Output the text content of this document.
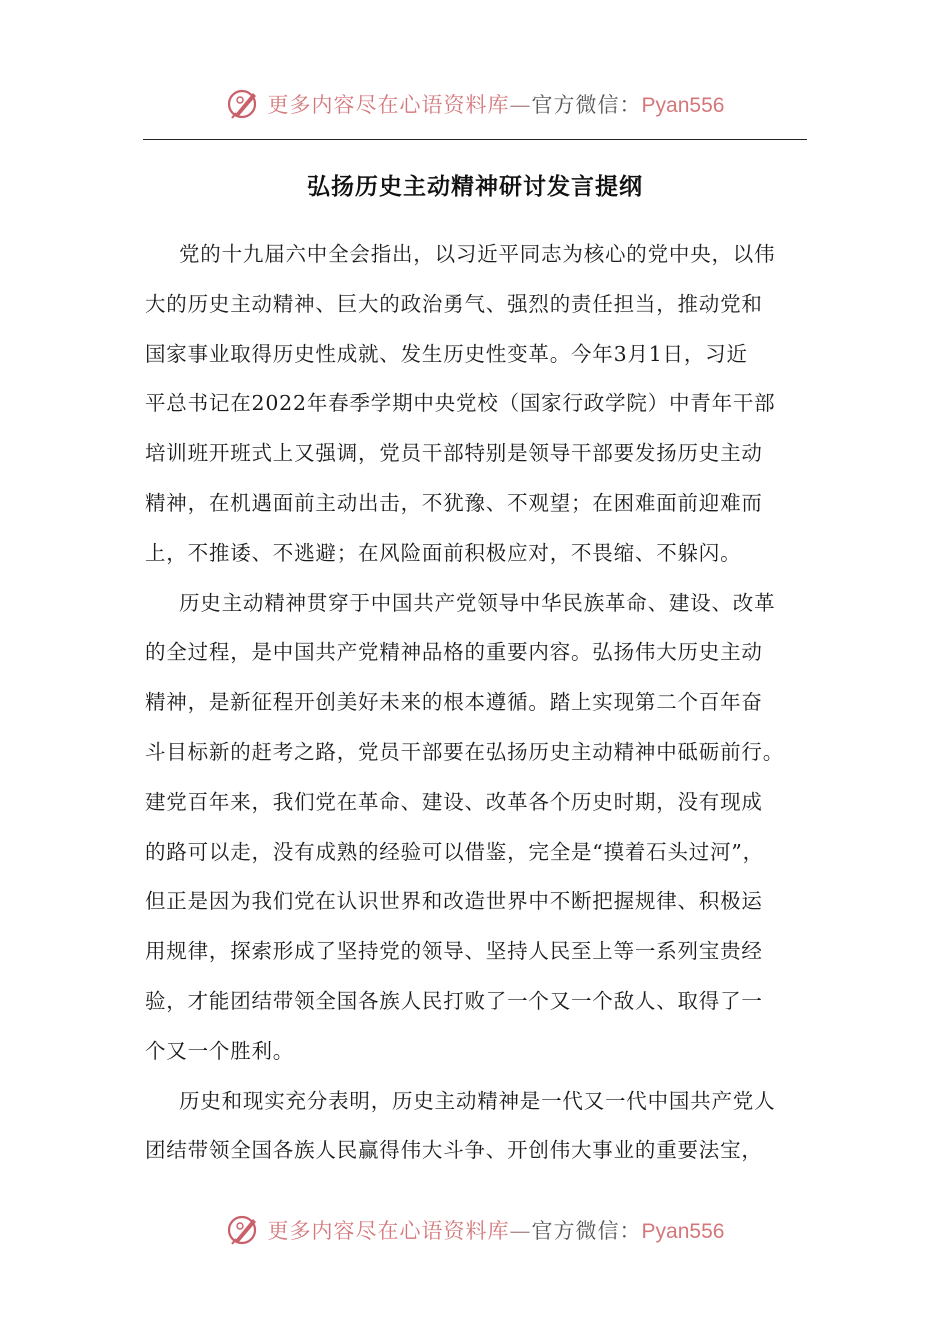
更多内容尽在心语资料库—官方微信：Pyan556
弘扬历史主动精神研讨发言提纲
党的十九届六中全会指出，以习近平同志为核心的党中央，以伟
大的历史主动精神、巨大的政治勇气、强烈的责任担当，推动党和
国家事业取得历史性成就、发生历史性变革。今年3月1日，习近
平总书记在2022年春季学期中央党校（国家行政学院）中青年干部
培训班开班式上又强调，党员干部特别是领导干部要发扬历史主动
精神，在机遇面前主动出击，不犹豫、不观望；在困难面前迎难而
上，不推诿、不逃避；在风险面前积极应对，不畏缩、不躲闪。
历史主动精神贯穿于中国共产党领导中华民族革命、建设、改革
的全过程，是中国共产党精神品格的重要内容。弘扬伟大历史主动
精神，是新征程开创美好未来的根本遵循。踏上实现第二个百年奋
斗目标新的赶考之路，党员干部要在弘扬历史主动精神中砥砺前行。
建党百年来，我们党在革命、建设、改革各个历史时期，没有现成
的路可以走，没有成熟的经验可以借鉴，完全是“摸着石头过河”，
但正是因为我们党在认识世界和改造世界中不断把握规律、积极运
用规律，探索形成了坚持党的领导、坚持人民至上等一系列宝贵经
验，才能团结带领全国各族人民打败了一个又一个敌人、取得了一
个又一个胜利。
历史和现实充分表明，历史主动精神是一代又一代中国共产党人
团结带领全国各族人民赢得伟大斗争、开创伟大事业的重要法宝，
更多内容尽在心语资料库—官方微信：Pyan556
